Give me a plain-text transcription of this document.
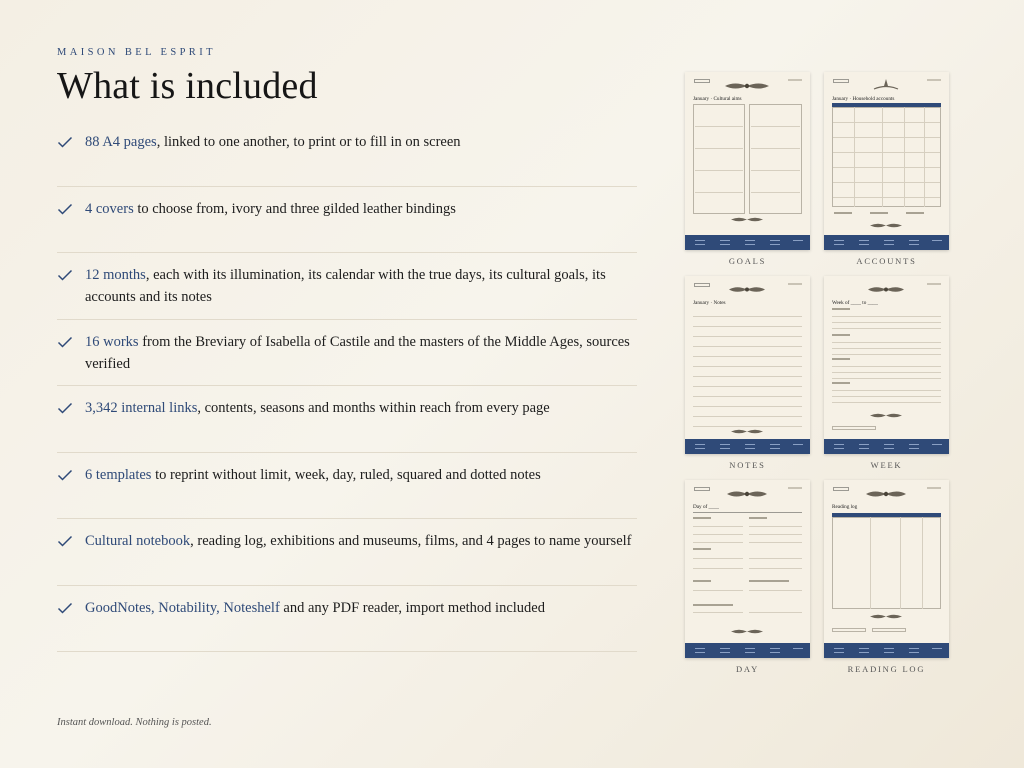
MAISON BEL ESPRIT
What is included

88 A4 pages, linked to one another, to print or to fill in on screen

4 covers to choose from, ivory and three gilded leather bindings

12 months, each with its illumination, its calendar with the true days, its cultural goals, its accounts and its notes

16 works from the Breviary of Isabella of Castile and the masters of the Middle Ages, sources verified

3,342 internal links, contents, seasons and months within reach from every page

6 templates to reprint without limit, week, day, ruled, squared and dotted notes

Cultural notebook, reading log, exhibitions and museums, films, and 4 pages to name yourself

GoodNotes, Notability, Noteshelf and any PDF reader, import method included

Instant download. Nothing is posted.
January · Cultural aims
GOALS
January · Household accounts
ACCOUNTS
January · Notes
NOTES
Week of ____ to ____
WEEK
Day of ____
DAY
Reading log
READING LOG
